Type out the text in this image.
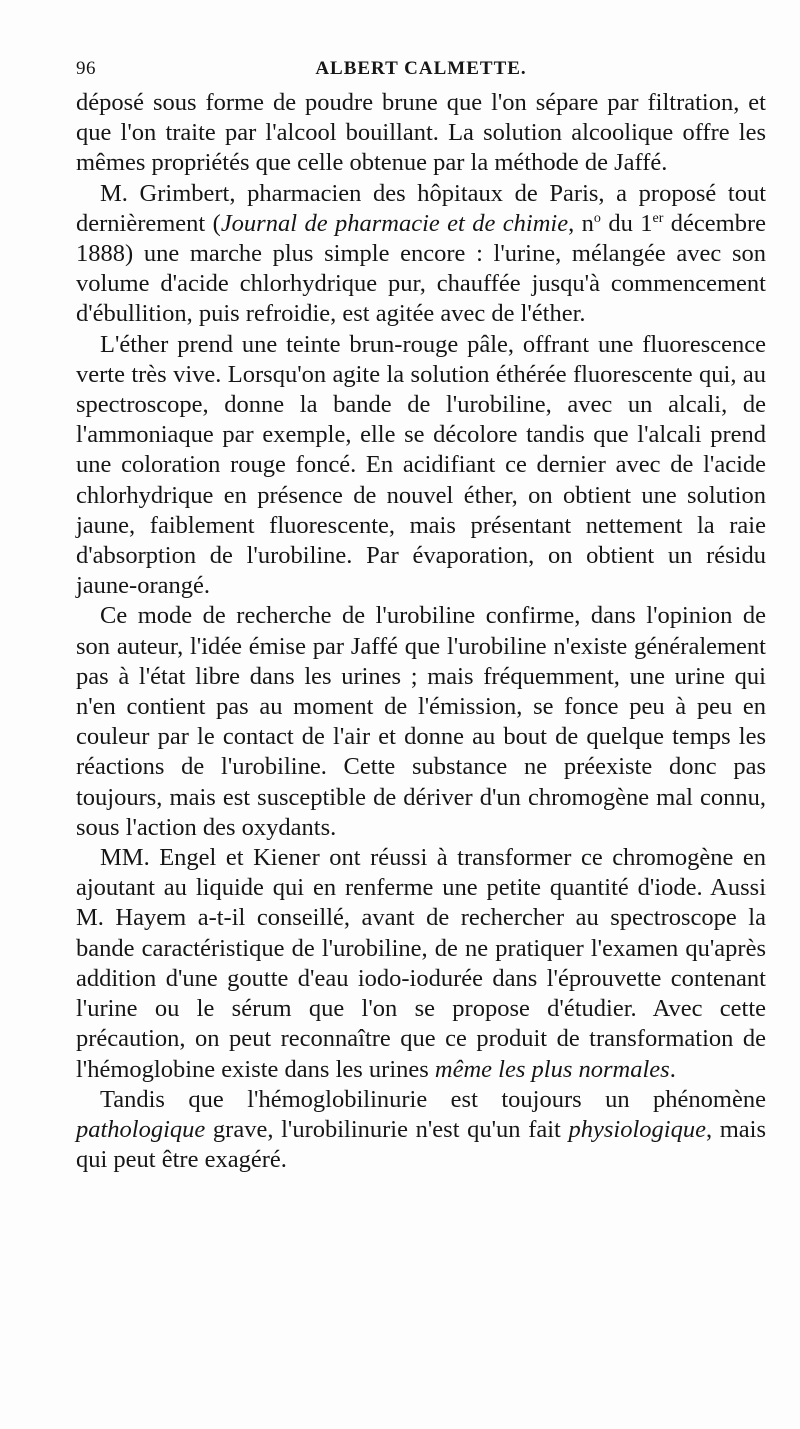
96	ALBERT CALMETTE.

déposé sous forme de poudre brune que l'on sépare par filtration, et que l'on traite par l'alcool bouillant. La solution alcoolique offre les mêmes propriétés que celle obtenue par la méthode de Jaffé.

M. Grimbert, pharmacien des hôpitaux de Paris, a proposé tout dernièrement (Journal de pharmacie et de chimie, $n^o$ du 1er décembre 1888) une marche plus simple encore : l'urine, mélangée avec son volume d'acide chlorhydrique pur, chauffée jusqu'à commencement d'ébullition, puis refroidie, est agitée avec de l'éther.

L'éther prend une teinte brun-rouge pâle, offrant une fluorescence verte très vive. Lorsqu'on agite la solution éthérée fluorescente qui, au spectroscope, donne la bande de l'urobiline, avec un alcali, de l'ammoniaque par exemple, elle se décolore tandis que l'alcali prend une coloration rouge foncé. En acidifiant ce dernier avec de l'acide chlorhydrique en présence de nouvel éther, on obtient une solution jaune, faiblement fluorescente, mais présentant nettement la raie d'absorption de l'urobiline. Par évaporation, on obtient un résidu jaune-orangé.

Ce mode de recherche de l'urobiline confirme, dans l'opinion de son auteur, l'idée émise par Jaffé que l'urobiline n'existe généralement pas à l'état libre dans les urines ; mais fréquemment, une urine qui n'en contient pas au moment de l'émission, se fonce peu à peu en couleur par le contact de l'air et donne au bout de quelque temps les réactions de l'urobiline. Cette substance ne préexiste donc pas toujours, mais est susceptible de dériver d'un chromogène mal connu, sous l'action des oxydants.

MM. Engel et Kiener ont réussi à transformer ce chromogène en ajoutant au liquide qui en renferme une petite quantité d'iode. Aussi M. Hayem a-t-il conseillé, avant de rechercher au spectroscope la bande caractéristique de l'urobiline, de ne pratiquer l'examen qu'après addition d'une goutte d'eau iodo-iodurée dans l'éprouvette contenant l'urine ou le sérum que l'on se propose d'étudier. Avec cette précaution, on peut reconnaître que ce produit de transformation de l'hémoglobine existe dans les urines même les plus normales.

Tandis que l'hémoglobilinurie est toujours un phénomène pathologique grave, l'urobilinurie n'est qu'un fait physiologique, mais qui peut être exagéré.
